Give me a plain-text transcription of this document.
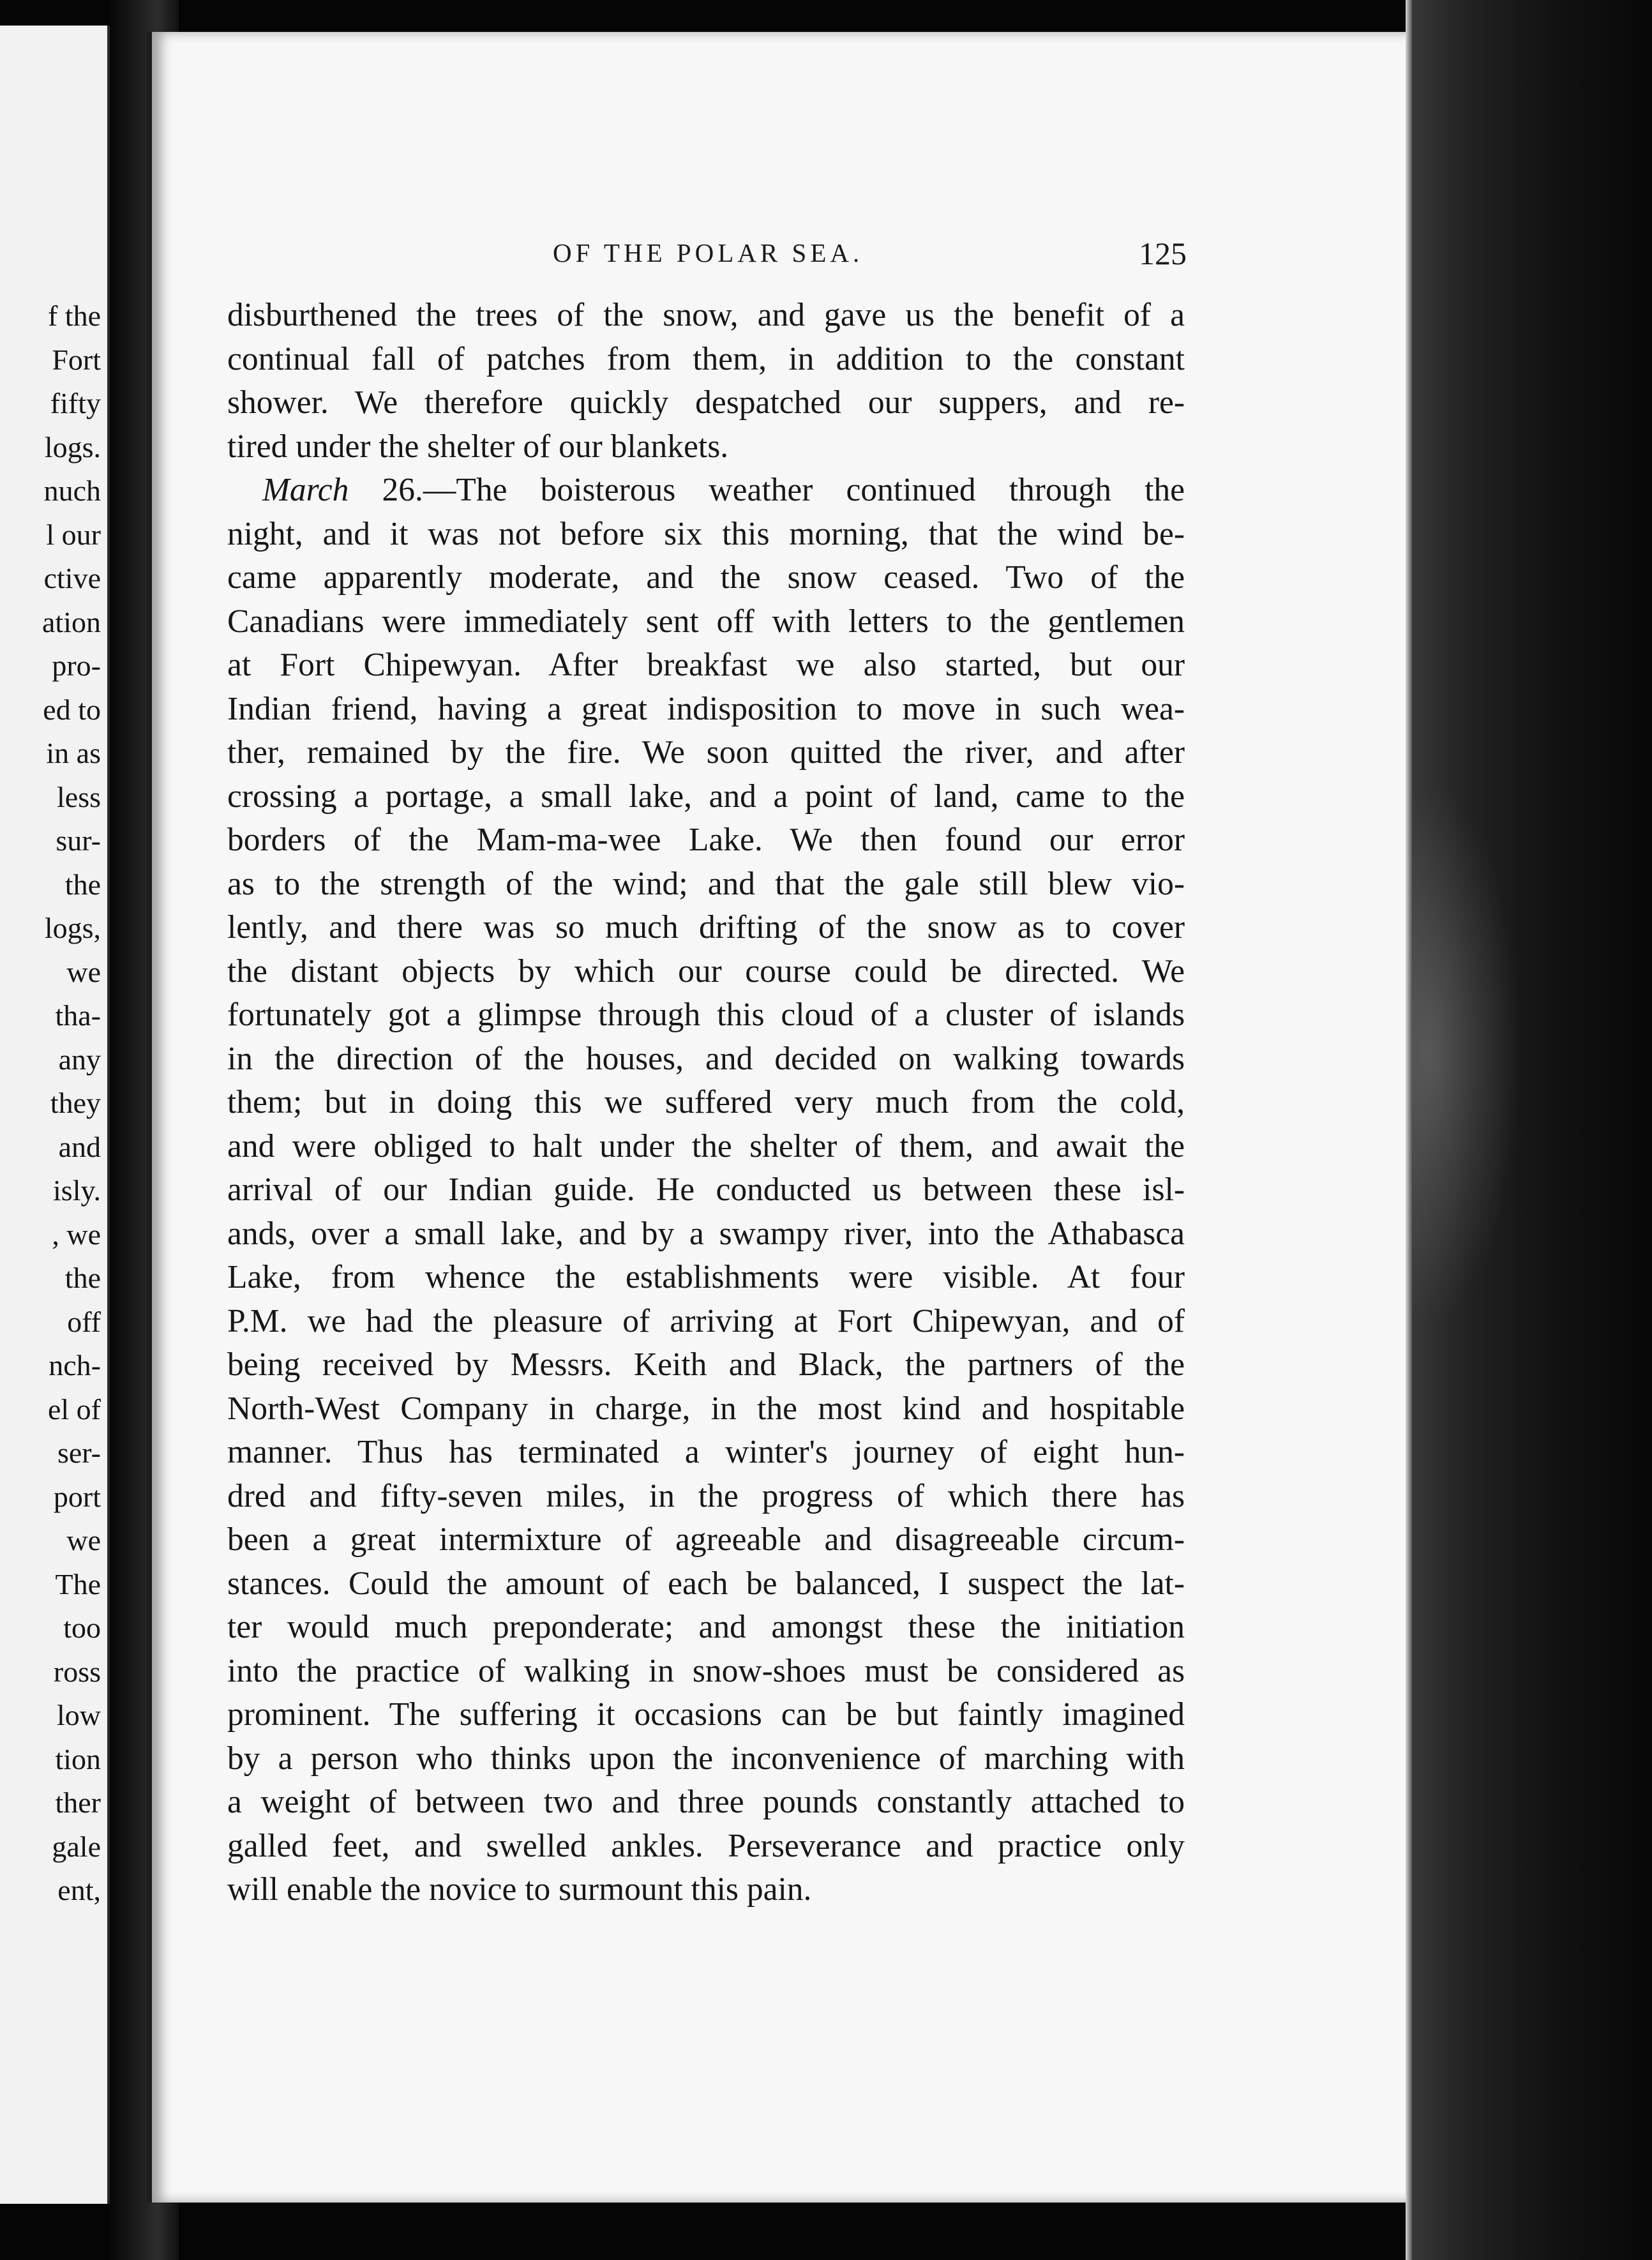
f the
Fort
fifty
logs.
nuch
l our
ctive
ation
pro-
ed to
in as
less
sur-
the
logs,
we
tha-
any
they
and
isly.
, we
the
off
nch-
el of
ser-
port
we
The
too
ross
low
tion
ther
gale
ent,
OF THE POLAR SEA.	125
disburthened the trees of the snow, and gave us the benefit of a
continual fall of patches from them, in addition to the constant
shower. We therefore quickly despatched our suppers, and re-
tired under the shelter of our blankets.
March 26.—The boisterous weather continued through the
night, and it was not before six this morning, that the wind be-
came apparently moderate, and the snow ceased. Two of the
Canadians were immediately sent off with letters to the gentlemen
at Fort Chipewyan. After breakfast we also started, but our
Indian friend, having a great indisposition to move in such wea-
ther, remained by the fire. We soon quitted the river, and after
crossing a portage, a small lake, and a point of land, came to the
borders of the Mam-ma-wee Lake. We then found our error
as to the strength of the wind; and that the gale still blew vio-
lently, and there was so much drifting of the snow as to cover
the distant objects by which our course could be directed. We
fortunately got a glimpse through this cloud of a cluster of islands
in the direction of the houses, and decided on walking towards
them; but in doing this we suffered very much from the cold,
and were obliged to halt under the shelter of them, and await the
arrival of our Indian guide. He conducted us between these isl-
ands, over a small lake, and by a swampy river, into the Athabasca
Lake, from whence the establishments were visible. At four
P.M. we had the pleasure of arriving at Fort Chipewyan, and of
being received by Messrs. Keith and Black, the partners of the
North-West Company in charge, in the most kind and hospitable
manner. Thus has terminated a winter's journey of eight hun-
dred and fifty-seven miles, in the progress of which there has
been a great intermixture of agreeable and disagreeable circum-
stances. Could the amount of each be balanced, I suspect the lat-
ter would much preponderate; and amongst these the initiation
into the practice of walking in snow-shoes must be considered as
prominent. The suffering it occasions can be but faintly imagined
by a person who thinks upon the inconvenience of marching with
a weight of between two and three pounds constantly attached to
galled feet, and swelled ankles. Perseverance and practice only
will enable the novice to surmount this pain.
